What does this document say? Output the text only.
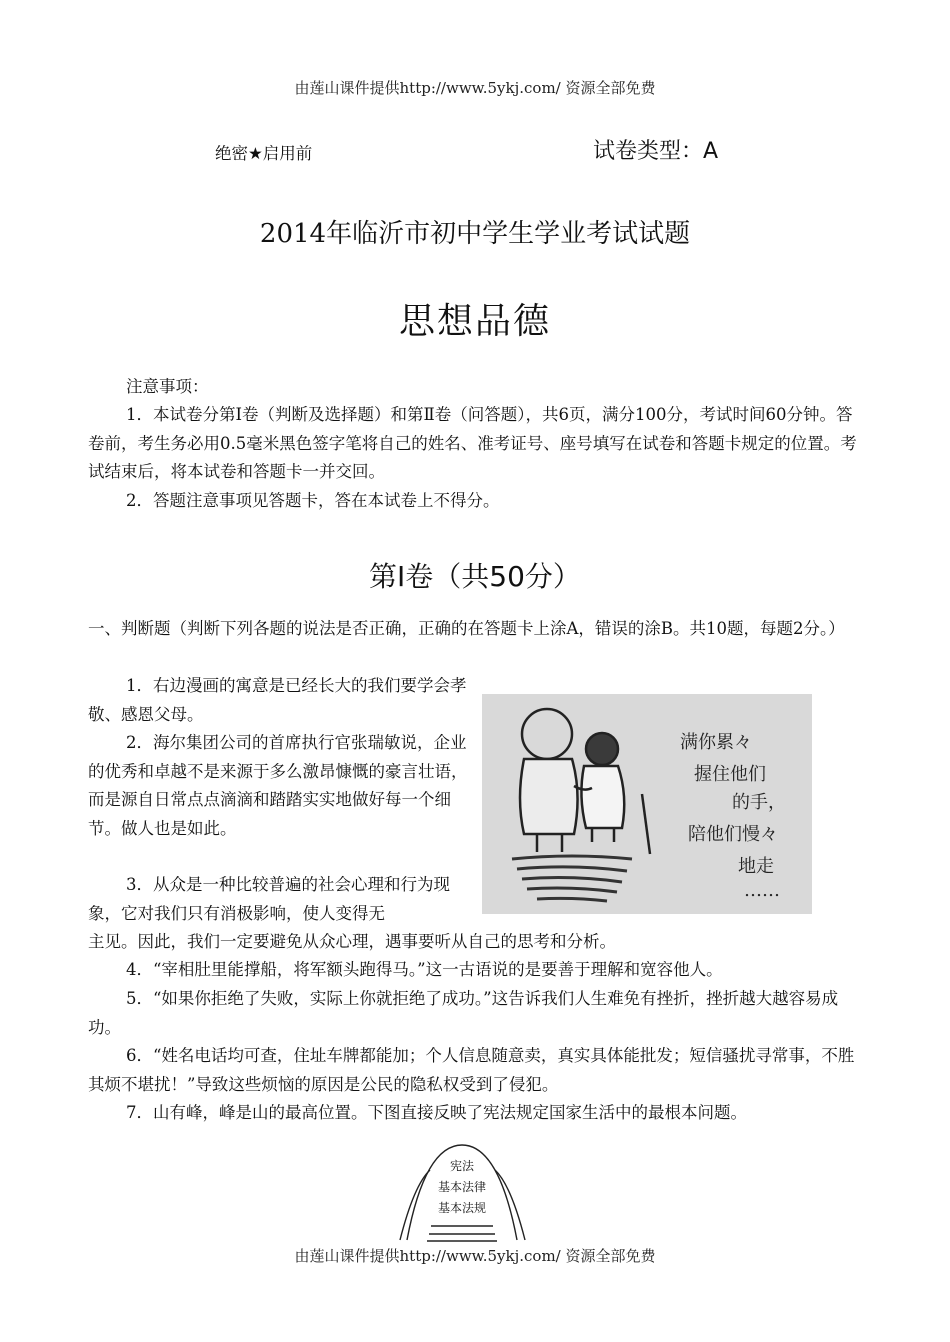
由莲山课件提供http://www.5ykj.com/ 资源全部免费
绝密★启用前	试卷类型：A
2014年临沂市初中学生学业考试试题
思想品德
注意事项：
1．本试卷分第Ⅰ卷（判断及选择题）和第Ⅱ卷（问答题），共6页，满分100分，考试时间60分钟。答卷前，考生务必用0.5毫米黑色签字笔将自己的姓名、准考证号、座号填写在试卷和答题卡规定的位置。考试结束后，将本试卷和答题卡一并交回。
2．答题注意事项见答题卡，答在本试卷上不得分。
第Ⅰ卷（共50分）
一、判断题（判断下列各题的说法是否正确，正确的在答题卡上涂A，错误的涂B。共10题，每题2分。）
1．右边漫画的寓意是已经长大的我们要学会孝敬、感恩父母。
2．海尔集团公司的首席执行官张瑞敏说，企业的优秀和卓越不是来源于多么激昂慷慨的豪言壮语，而是源自日常点点滴滴和踏踏实实地做好每一个细节。做人也是如此。
3．从众是一种比较普遍的社会心理和行为现象，它对我们只有消极影响，使人变得无
主见。因此，我们一定要避免从众心理，遇事要听从自己的思考和分析。
4．“宰相肚里能撑船，将军额头跑得马。”这一古语说的是要善于理解和宽容他人。
5．“如果你拒绝了失败，实际上你就拒绝了成功。”这告诉我们人生难免有挫折，挫折越大越容易成功。
6．“姓名电话均可查，住址车牌都能加；个人信息随意卖，真实具体能批发；短信骚扰寻常事，不胜其烦不堪扰！”导致这些烦恼的原因是公民的隐私权受到了侵犯。
7．山有峰，峰是山的最高位置。下图直接反映了宪法规定国家生活中的最根本问题。
满你累々
握住他们
的手，
陪他们慢々
地走
……
宪法
基本法律
基本法规
由莲山课件提供http://www.5ykj.com/ 资源全部免费
